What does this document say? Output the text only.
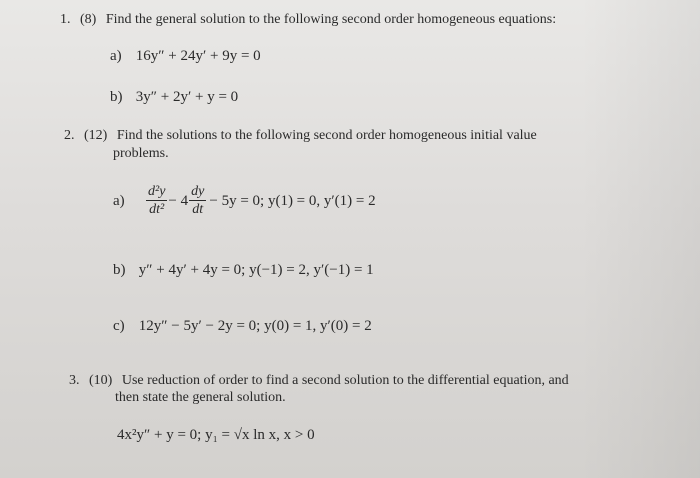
1. (8) Find the general solution to the following second order homogeneous equations:
a) 16y″ + 24y′ + 9y = 0
b) 3y″ + 2y′ + y = 0
2. (12) Find the solutions to the following second order homogeneous initial value
problems.
a)	$\frac{\text{d²y}}{\text{dt²}} - 4 \frac{dy}{dt} - 5y = 0$; y(1) = 0, y′(1) = 2
b) y″ + 4y′ + 4y = 0; y(−1) = 2, y′(−1) = 1
c) 12y″ − 5y′ − 2y = 0; y(0) = 1, y′(0) = 2
3. (10) Use reduction of order to find a second solution to the differential equation, and
then state the general solution.
4x²y″ + y = 0; y₁ = √x ln x, x > 0
